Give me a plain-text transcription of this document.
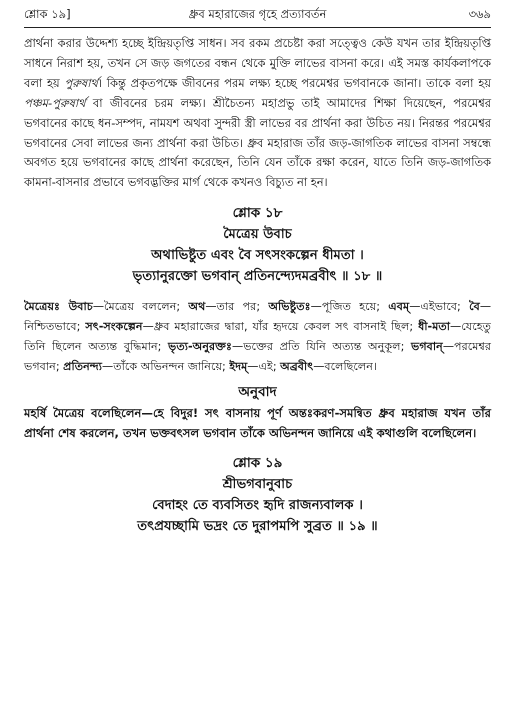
শ্লোক ১৯]	ধ্রুব মহারাজের গৃহে প্রত্যাবর্তন	৩৬৯

প্রার্থনা করার উদ্দেশ্য হচ্ছে ইন্দ্রিয়তৃপ্তি সাধন। সব রকম প্রচেষ্টা করা সত্ত্বেও কেউ যখন তার ইন্দ্রিয়তৃপ্তি সাধনে নিরাশ হয়, তখন সে জড় জগতের বন্ধন থেকে মুক্তি লাভের বাসনা করে। এই সমস্ত কার্যকলাপকে বলা হয় পুরুষার্থ। কিন্তু প্রকৃতপক্ষে জীবনের পরম লক্ষ্য হচ্ছে পরমেশ্বর ভগবানকে জানা। তাকে বলা হয় পঞ্চম-পুরুষার্থ বা জীবনের চরম লক্ষ্য। শ্রীচৈতন্য মহাপ্রভু তাই আমাদের শিক্ষা দিয়েছেন, পরমেশ্বর ভগবানের কাছে ধন-সম্পদ, নামযশ অথবা সুন্দরী স্ত্রী লাভের বর প্রার্থনা করা উচিত নয়। নিরন্তর পরমেশ্বর ভগবানের সেবা লাভের জন্য প্রার্থনা করা উচিত। ধ্রুব মহারাজ তাঁর জড়-জাগতিক লাভের বাসনা সম্বন্ধে অবগত হয়ে ভগবানের কাছে প্রার্থনা করেছেন, তিনি যেন তাঁকে রক্ষা করেন, যাতে তিনি জড়-জাগতিক কামনা-বাসনার প্রভাবে ভগবদ্ভক্তির মার্গ থেকে কখনও বিচ্যুত না হন।

শ্লোক ১৮

মৈত্রেয় উবাচ

অথাভিষ্টুত এবং বৈ সৎসংকল্পেন ধীমতা ।

ভৃত্যানুরক্তো ভগবান্ প্রতিনন্দ্যেদমব্রবীৎ ॥ ১৮ ॥

মৈত্রেয়ঃ উবাচ—মৈত্রেয় বললেন; অথ—তার পর; অভিষ্টুতঃ—পূজিত হয়ে; এবম্—এইভাবে; বৈ—নিশ্চিতভাবে; সৎ-সংকল্পেন—ধ্রুব মহারাজের দ্বারা, যাঁর হৃদয়ে কেবল সৎ বাসনাই ছিল; ধী-মতা—যেহেতু তিনি ছিলেন অত্যন্ত বুদ্ধিমান; ভৃত্য-অনুরক্তঃ—ভক্তের প্রতি যিনি অত্যন্ত অনুকূল; ভগবান্—পরমেশ্বর ভগবান; প্রতিনন্দ্য—তাঁকে অভিনন্দন জানিয়ে; ইদম্—এই; অব্রবীৎ—বলেছিলেন।

অনুবাদ

মহর্ষি মৈত্রেয় বলেছিলেন—হে বিদুর! সৎ বাসনায় পূর্ণ অন্তঃকরণ-সমন্বিত ধ্রুব মহারাজ যখন তাঁর প্রার্থনা শেষ করলেন, তখন ভক্তবৎসল ভগবান তাঁকে অভিনন্দন জানিয়ে এই কথাগুলি বলেছিলেন।

শ্লোক ১৯

শ্রীভগবানুবাচ

বেদাহং তে ব্যবসিতং হৃদি রাজন্যবালক ।

তৎপ্রযচ্ছামি ভদ্রং তে দুরাপমপি সুব্রত ॥ ১৯ ॥
